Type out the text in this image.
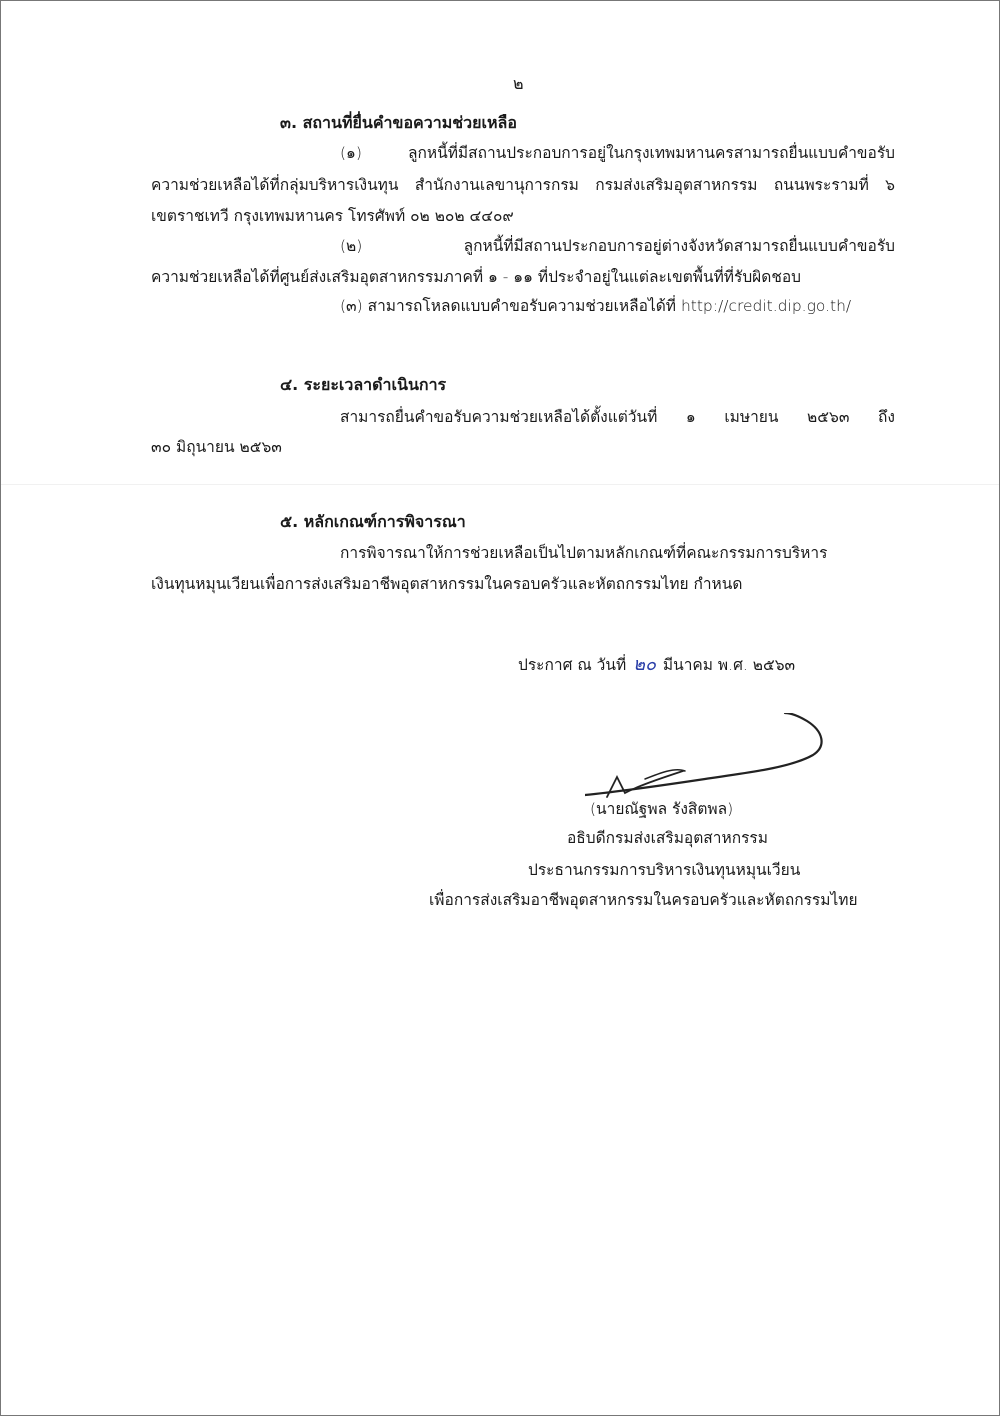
๒
๓. สถานที่ยื่นคำขอความช่วยเหลือ
(๑) ลูกหนี้ที่มีสถานประกอบการอยู่ในกรุงเทพมหานครสามารถยื่นแบบคำขอรับ
ความช่วยเหลือได้ที่กลุ่มบริหารเงินทุน สำนักงานเลขานุการกรม กรมส่งเสริมอุตสาหกรรม ถนนพระรามที่ ๖
เขตราชเทวี กรุงเทพมหานคร โทรศัพท์ ๐๒ ๒๐๒ ๔๔๐๙
(๒) ลูกหนี้ที่มีสถานประกอบการอยู่ต่างจังหวัดสามารถยื่นแบบคำขอรับ
ความช่วยเหลือได้ที่ศูนย์ส่งเสริมอุตสาหกรรมภาคที่ ๑ - ๑๑ ที่ประจำอยู่ในแต่ละเขตพื้นที่ที่รับผิดชอบ
(๓) สามารถโหลดแบบคำขอรับความช่วยเหลือได้ที่ http://credit.dip.go.th/
๔. ระยะเวลาดำเนินการ
สามารถยื่นคำขอรับความช่วยเหลือได้ตั้งแต่วันที่ ๑ เมษายน ๒๕๖๓ ถึง
๓๐ มิถุนายน ๒๕๖๓
๕. หลักเกณฑ์การพิจารณา
การพิจารณาให้การช่วยเหลือเป็นไปตามหลักเกณฑ์ที่คณะกรรมการบริหาร
เงินทุนหมุนเวียนเพื่อการส่งเสริมอาชีพอุตสาหกรรมในครอบครัวและหัตถกรรมไทย กำหนด
ประกาศ ณ วันที่ ๒๐ มีนาคม พ.ศ. ๒๕๖๓
(นายณัฐพล รังสิตพล)
อธิบดีกรมส่งเสริมอุตสาหกรรม
ประธานกรรมการบริหารเงินทุนหมุนเวียน
เพื่อการส่งเสริมอาชีพอุตสาหกรรมในครอบครัวและหัตถกรรมไทย
